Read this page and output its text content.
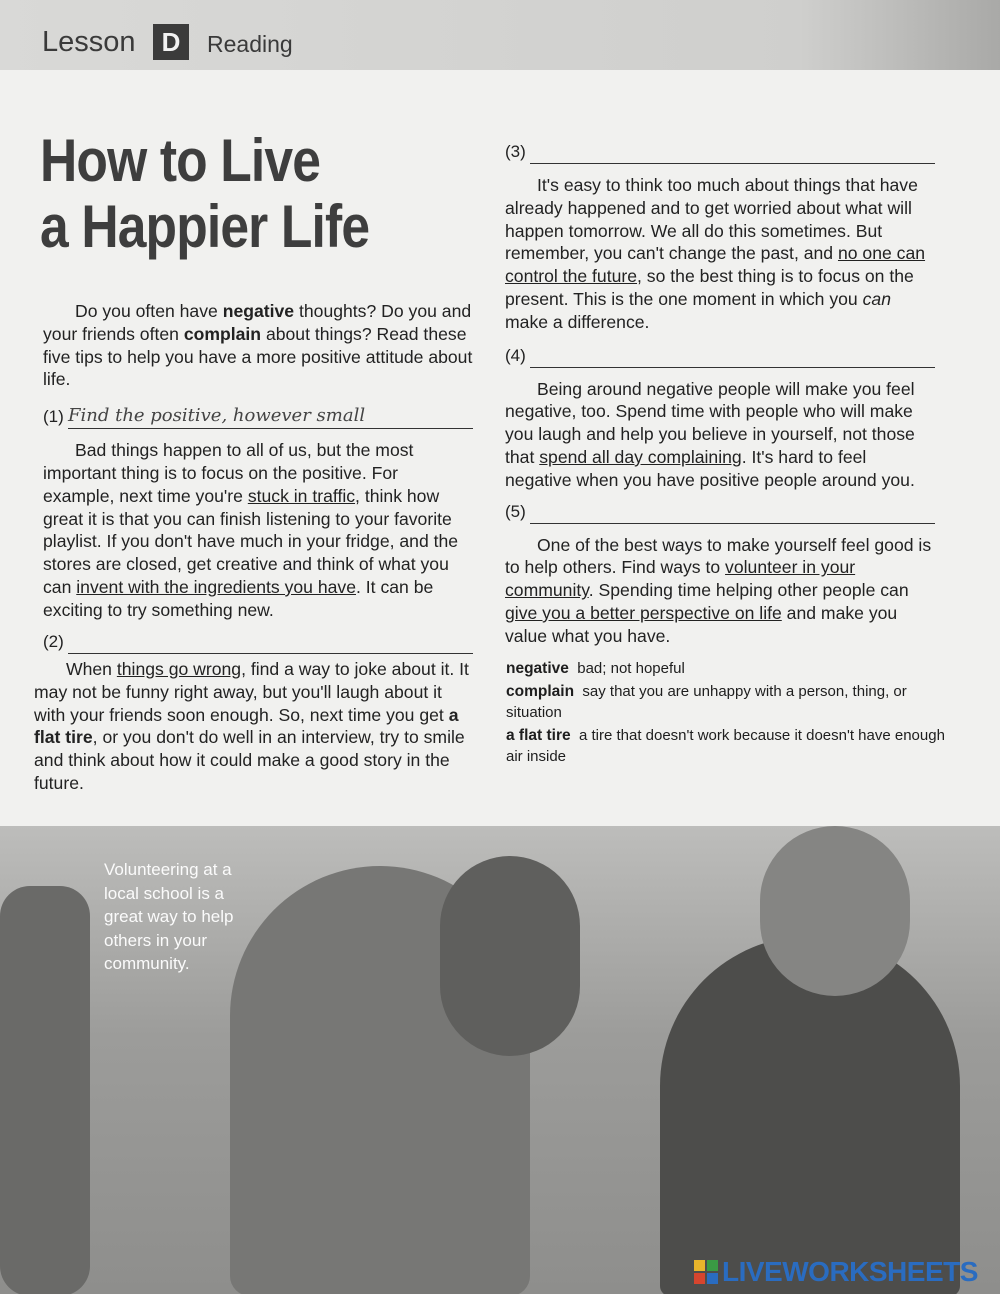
Lesson	D	Reading
How to Live
a Happier Life

Do you often have negative thoughts? Do you and your friends often complain about things? Read these five tips to help you have a more positive attitude about life.

(1) Find the positive, however small

Bad things happen to all of us, but the most important thing is to focus on the positive. For example, next time you're stuck in traffic, think how great it is that you can finish listening to your favorite playlist. If you don't have much in your fridge, and the stores are closed, get creative and think of what you can invent with the ingredients you have. It can be exciting to try something new.

(2)

When things go wrong, find a way to joke about it. It may not be funny right away, but you'll laugh about it with your friends soon enough. So, next time you get a flat tire, or you don't do well in an interview, try to smile and think about how it could make a good story in the future.

(3)

It's easy to think too much about things that have already happened and to get worried about what will happen tomorrow. We all do this sometimes. But remember, you can't change the past, and no one can control the future, so the best thing is to focus on the present. This is the one moment in which you can make a difference.

(4)

Being around negative people will make you feel negative, too. Spend time with people who will make you laugh and help you believe in yourself, not those that spend all day complaining. It's hard to feel negative when you have positive people around you.

(5)

One of the best ways to make yourself feel good is to help others. Find ways to volunteer in your community. Spending time helping other people can give you a better perspective on life and make you value what you have.

negative bad; not hopeful
complain say that you are unhappy with a person, thing, or situation
a flat tire a tire that doesn't work because it doesn't have enough air inside
Volunteering at a local school is a great way to help others in your community.
LIVEWORKSHEETS
